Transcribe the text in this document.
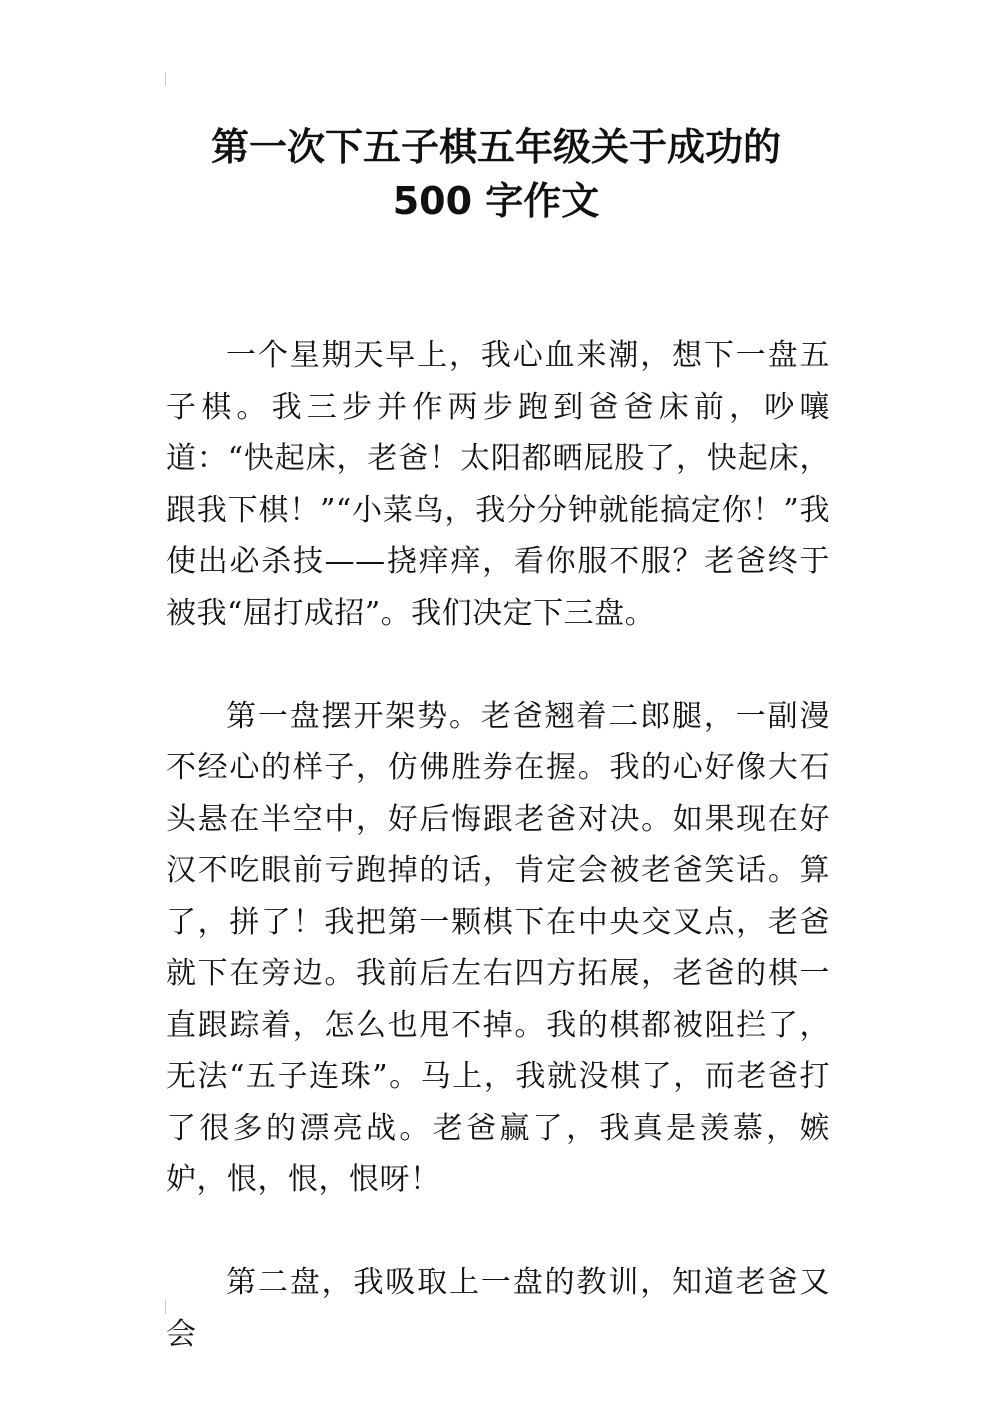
第一次下五子棋五年级关于成功的
500 字作文

一个星期天早上，我心血来潮，想下一盘五子棋。我三步并作两步跑到爸爸床前，吵嚷道：“快起床，老爸！太阳都晒屁股了，快起床，跟我下棋！”“小菜鸟，我分分钟就能搞定你！”我使出必杀技——挠痒痒，看你服不服？老爸终于被我“屈打成招”。我们决定下三盘。

第一盘摆开架势。老爸翘着二郎腿，一副漫不经心的样子，仿佛胜券在握。我的心好像大石头悬在半空中，好后悔跟老爸对决。如果现在好汉不吃眼前亏跑掉的话，肯定会被老爸笑话。算了，拼了！我把第一颗棋下在中央交叉点，老爸就下在旁边。我前后左右四方拓展，老爸的棋一直跟踪着，怎么也甩不掉。我的棋都被阻拦了，无法“五子连珠”。马上，我就没棋了，而老爸打了很多的漂亮战。老爸赢了，我真是羡慕，嫉妒，恨，恨，恨呀！

第二盘，我吸取上一盘的教训，知道老爸又会
